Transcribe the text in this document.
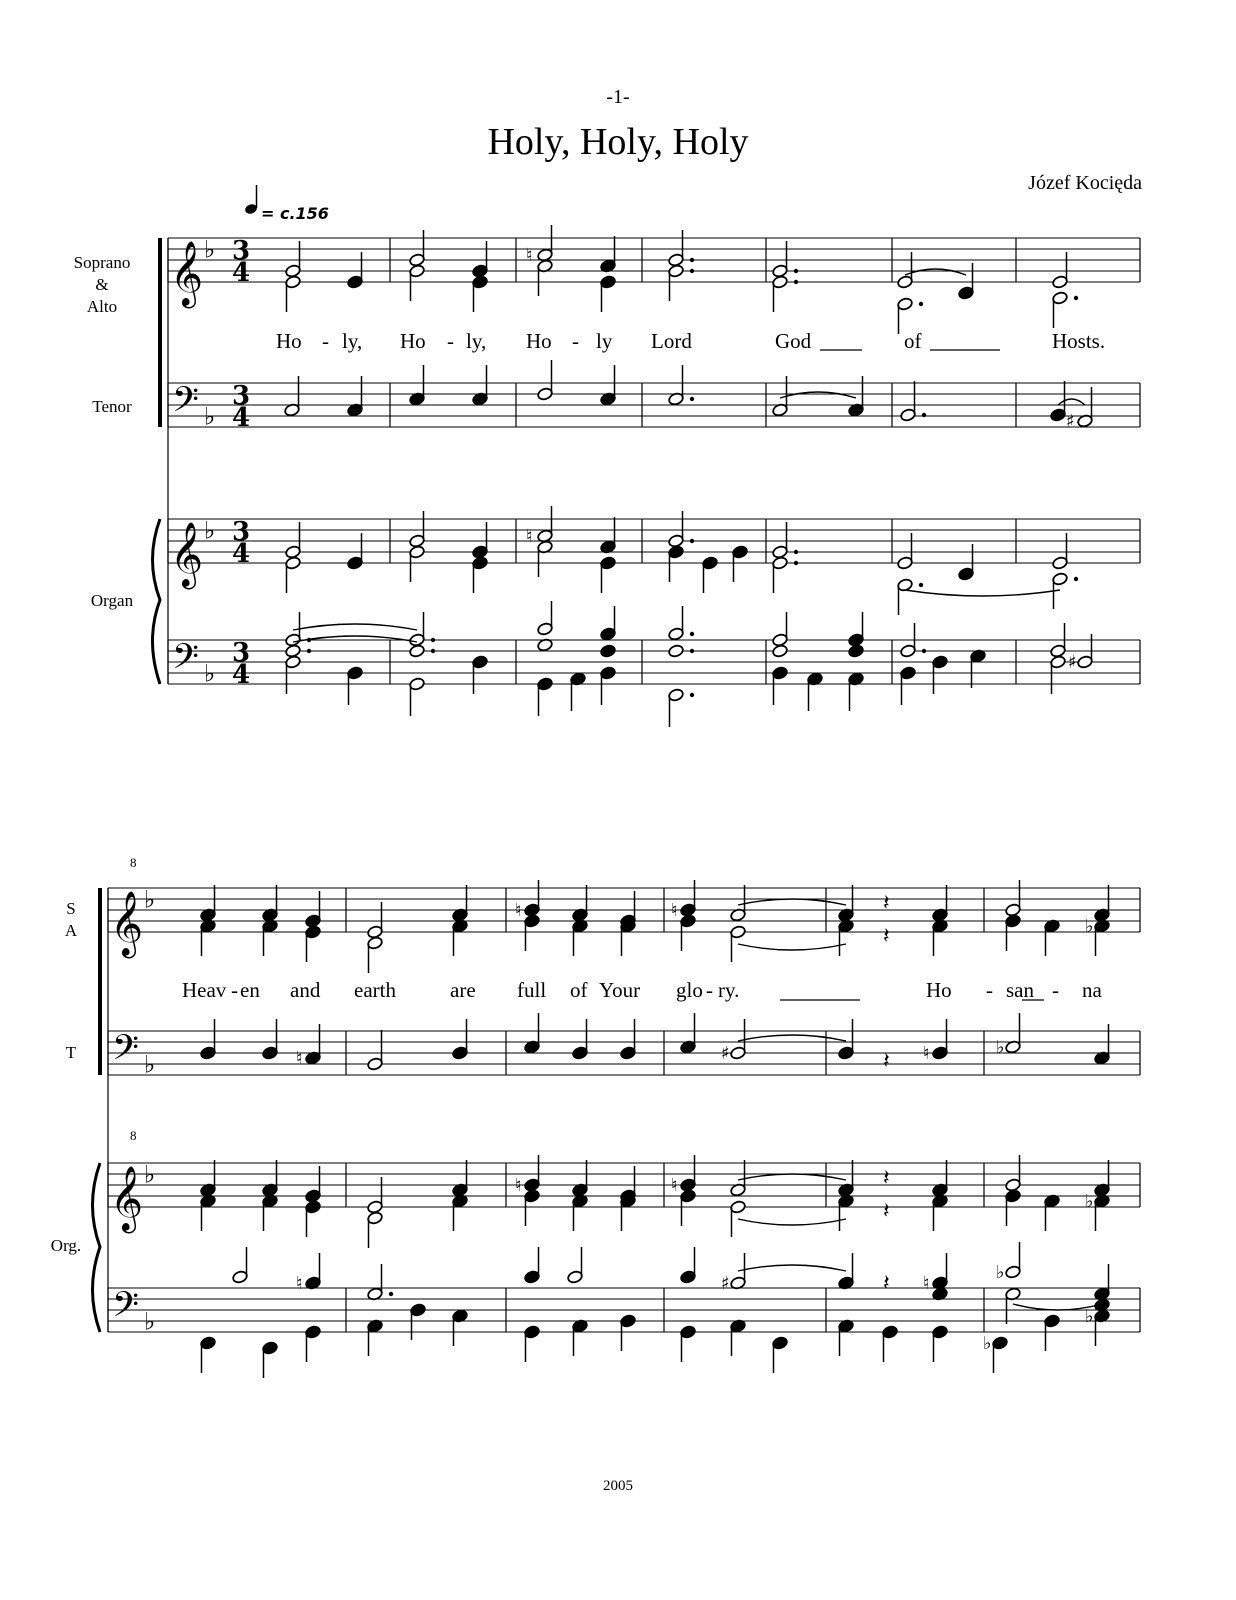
-1-
Holy, Holy, Holy
Józef Kocięda
= c.156
Soprano
&
Alto
Tenor
Organ
Ho - ly, Ho - ly, Ho - ly Lord	God	of	Hosts.
S
A
T
Org.
8
8
Heav - en and earth	are full of Your glo - ry.	Ho - san - na
2005
𝄞 ♭
𝄢 ♭
𝄞 ♭
𝄢 ♭
3
4
3
4
3
4
3
4
𝄞 ♭
𝄢 ♭
𝄞 ♭
𝄢 ♭
♮
♯
♮
♯
♮	♮	𝄽
𝄽	♭
♮	♯	𝄽 ♮	♭
♮	♮	𝄽
𝄽	♭
♮	♯	𝄽 ♮
♭
♭
♭
